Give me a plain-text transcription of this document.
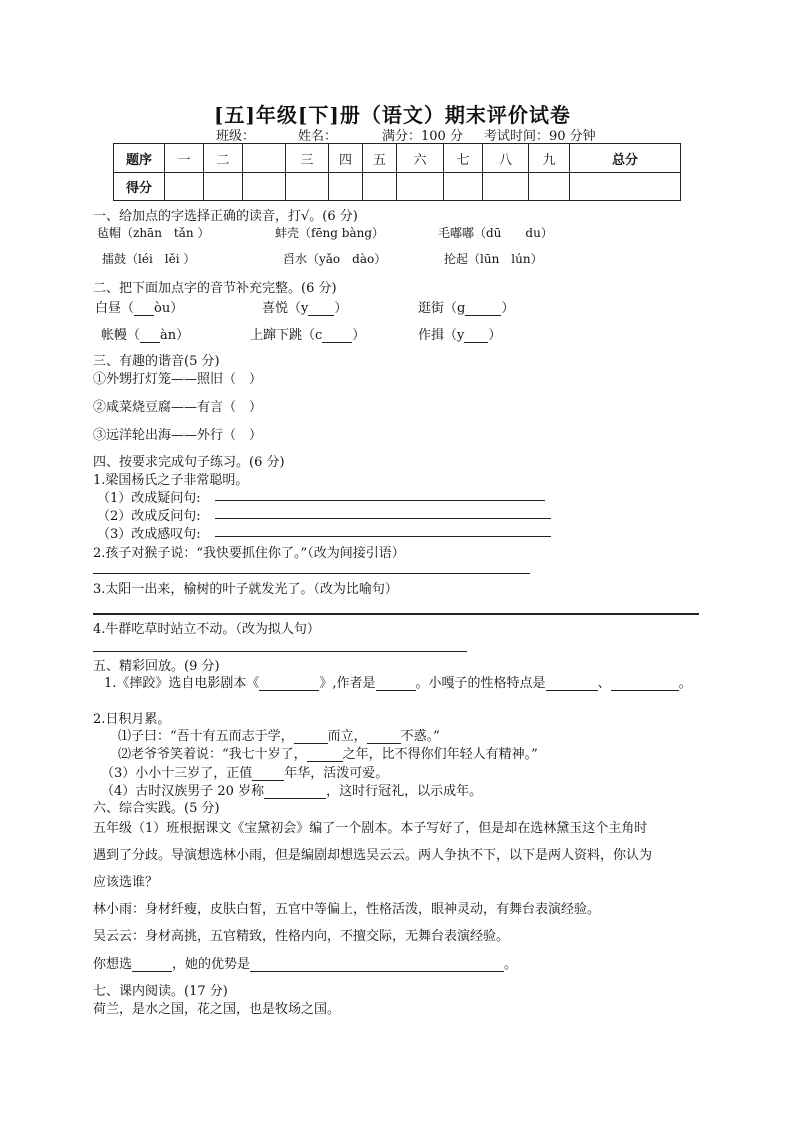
[五]年级[下]册（语文）期末评价试卷
班级：	姓名：	满分：100 分 考试时间：90 分钟
题序	一	二		三	四	五	六	七	八	九	总分
得分											
一、给加点的字选择正确的读音，打√。(6 分)
毡帽（zhān　tǎn ）	蚌壳（fēng bàng）	毛嘟嘟（dū　　du）
擂鼓（léi　lěi ）	舀水（yǎo　dào）	抡起（lūn　lún）
二、把下面加点字的音节补充完整。(6 分)
白昼（ òu）	喜悦（y ）	逛街（g	）
帐幔（ àn）	上蹿下跳（c ）	作揖（y ）
三、有趣的谐音(5 分)
①外甥打灯笼——照旧（　）
②咸菜烧豆腐——有言（　）
③远洋轮出海——外行（　）
四、按要求完成句子练习。(6 分)
1.梁国杨氏之子非常聪明。
（1）改成疑问句:
（2）改成反问句:
（3）改成感叹句:
2.孩子对猴子说：“我快要抓住你了。”（改为间接引语）
3.太阳一出来，榆树的叶子就发光了。（改为比喻句）
4.牛群吃草时站立不动。（改为拟人句）
五、精彩回放。(9 分)
1.《摔跤》选自电影剧本《	》,作者是	。小嘎子的性格特点是	、	。
2.日积月累。
⑴子曰：“吾十有五而志于学，	而立，	不惑。”
⑵老爷爷笑着说：“我七十岁了，	之年，比不得你们年轻人有精神。”
（3）小小十三岁了，正值 年华，活泼可爱。
（4）古时汉族男子 20 岁称	，这时行冠礼，以示成年。
六、综合实践。(5 分)
五年级（1）班根据课文《宝黛初会》编了一个剧本。本子写好了，但是却在选林黛玉这个主角时
遇到了分歧。导演想选林小雨，但是编剧却想选吴云云。两人争执不下，以下是两人资料，你认为
应该选谁？
林小雨：身材纤瘦，皮肤白皙，五官中等偏上，性格活泼，眼神灵动，有舞台表演经验。
吴云云：身材高挑，五官精致，性格内向，不擅交际，无舞台表演经验。
你想选	，她的优势是	。
七、课内阅读。(17 分)
荷兰，是水之国，花之国，也是牧场之国。
